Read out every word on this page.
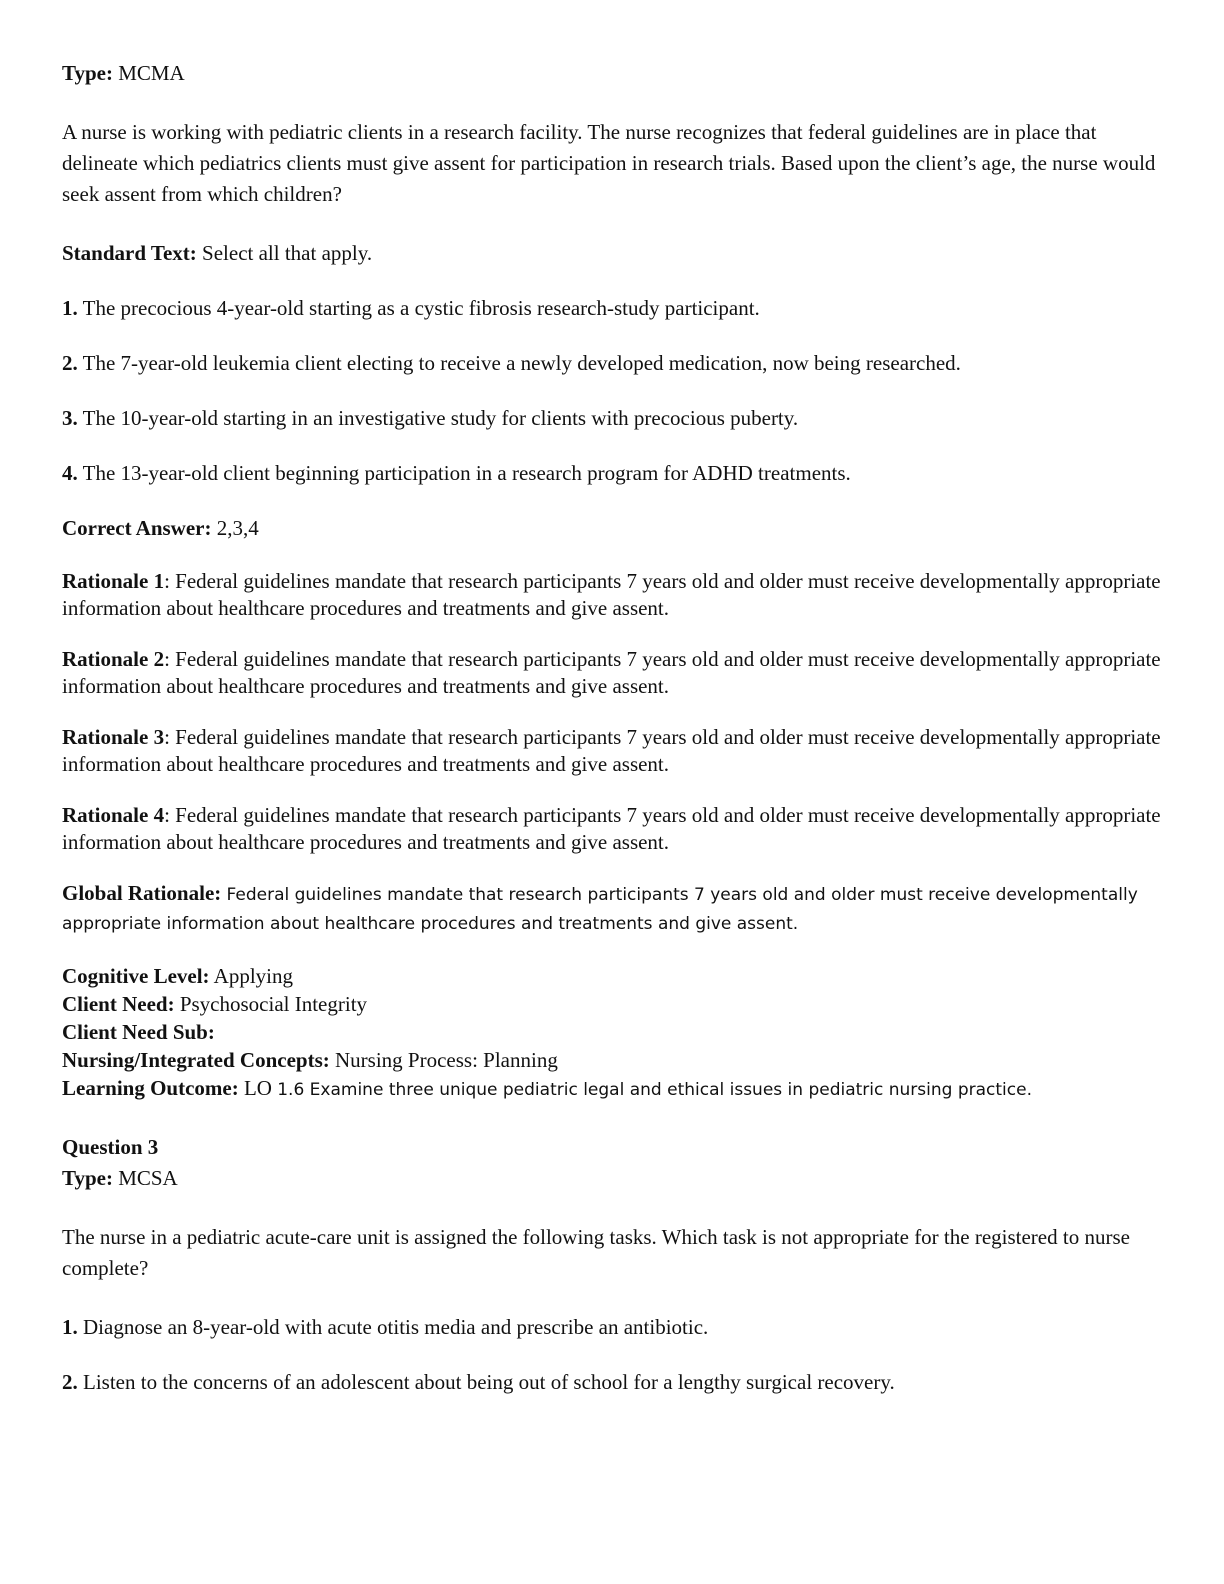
Type: MCMA

A nurse is working with pediatric clients in a research facility. The nurse recognizes that federal guidelines are in place that delineate which pediatrics clients must give assent for participation in research trials. Based upon the client’s age, the nurse would seek assent from which children?

Standard Text: Select all that apply.

1. The precocious 4-year-old starting as a cystic fibrosis research-study participant.

2. The 7-year-old leukemia client electing to receive a newly developed medication, now being researched.

3. The 10-year-old starting in an investigative study for clients with precocious puberty.

4. The 13-year-old client beginning participation in a research program for ADHD treatments.

Correct Answer: 2,3,4

Rationale 1: Federal guidelines mandate that research participants 7 years old and older must receive developmentally appropriate information about healthcare procedures and treatments and give assent.

Rationale 2: Federal guidelines mandate that research participants 7 years old and older must receive developmentally appropriate information about healthcare procedures and treatments and give assent.

Rationale 3: Federal guidelines mandate that research participants 7 years old and older must receive developmentally appropriate information about healthcare procedures and treatments and give assent.

Rationale 4: Federal guidelines mandate that research participants 7 years old and older must receive developmentally appropriate information about healthcare procedures and treatments and give assent.

Global Rationale: Federal guidelines mandate that research participants 7 years old and older must receive developmentally appropriate information about healthcare procedures and treatments and give assent.

Cognitive Level: Applying

Client Need: Psychosocial Integrity

Client Need Sub:

Nursing/Integrated Concepts: Nursing Process: Planning

Learning Outcome: LO 1.6 Examine three unique pediatric legal and ethical issues in pediatric nursing practice.

Question 3

Type: MCSA

The nurse in a pediatric acute-care unit is assigned the following tasks. Which task is not appropriate for the registered to nurse complete?

1. Diagnose an 8-year-old with acute otitis media and prescribe an antibiotic.

2. Listen to the concerns of an adolescent about being out of school for a lengthy surgical recovery.
